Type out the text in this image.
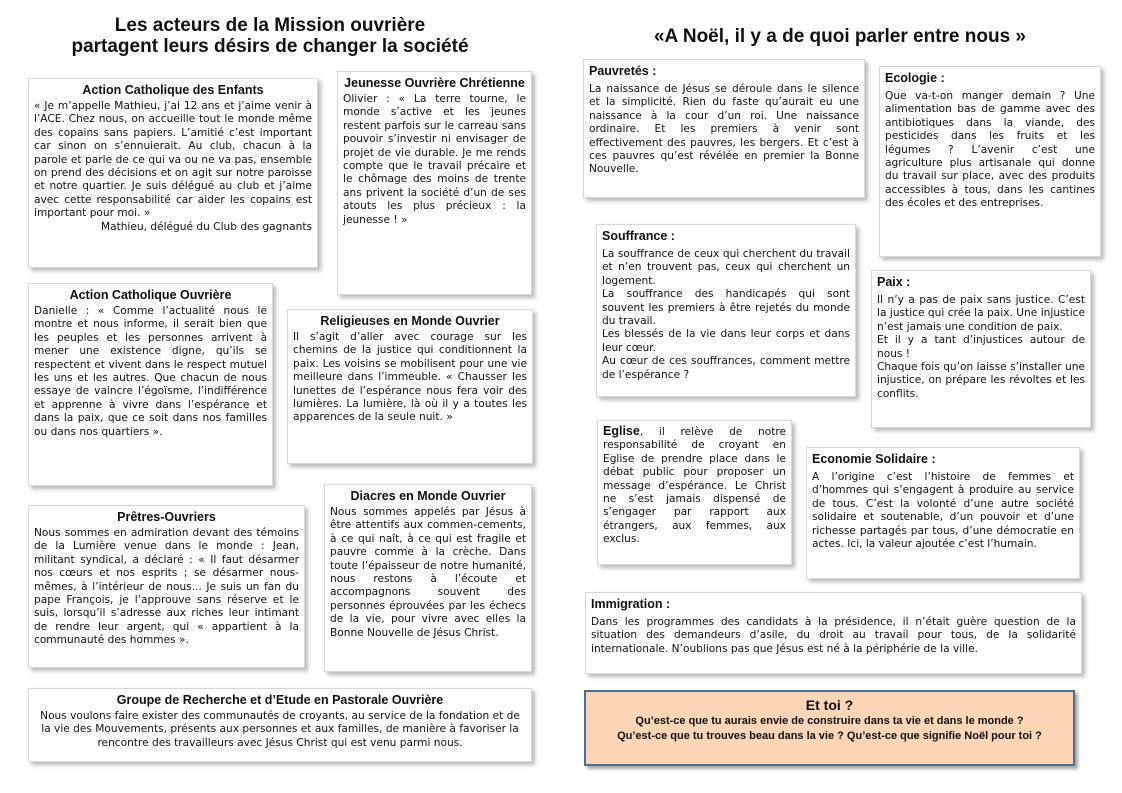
Les acteurs de la Mission ouvrière
partagent leurs désirs de changer la société	«A Noël, il y a de quoi parler entre nous »
Action Catholique des Enfants

« Je m’appelle Mathieu, j’ai 12 ans et j’aime venir à l’ACE. Chez nous, on accueille tout le monde même des copains sans papiers. L’amitié c’est important car sinon on s’ennuierait. Au club, chacun à la parole et parle de ce qui va ou ne va pas, ensemble on prend des décisions et on agit sur notre paroisse et notre quartier. Je suis délégué au club et j’aime avec cette responsabilité car aider les copains est important pour moi. »

Mathieu, délégué du Club des gagnants

Jeunesse Ouvrière Chrétienne

Olivier : « La terre tourne, le monde s’active et les jeunes restent parfois sur le carreau sans pouvoir s’investir ni envisager de projet de vie durable. Je me rends compte que le travail précaire et le chômage des moins de trente ans privent la société d’un de ses atouts les plus précieux : la jeunesse ! »

Action Catholique Ouvrière

Danielle : « Comme l’actualité nous le montre et nous informe, il serait bien que les peuples et les personnes arrivent à mener une existence digne, qu’ils se respectent et vivent dans le respect mutuel les uns et les autres. Que chacun de nous essaye de vaincre l’égoïsme, l’indifférence et apprenne à vivre dans l’espérance et dans la paix, que ce soit dans nos familles ou dans nos quartiers ».

Religieuses en Monde Ouvrier

Il s’agit d’aller avec courage sur les chemins de la justice qui conditionnent la paix. Les voisins se mobilisent pour une vie meilleure dans l’immeuble. « Chausser les lunettes de l’espérance nous fera voir des lumières. La lumière, là où il y a toutes les apparences de la seule nuit. »

Prêtres-Ouvriers

Nous sommes en admiration devant des témoins de la Lumière venue dans le monde : Jean, militant syndical, a déclaré : « Il faut désarmer nos cœurs et nos esprits ; se désarmer nous-mêmes, à l’intérieur de nous... Je suis un fan du pape François, je l’approuve sans réserve et le suis, lorsqu’il s’adresse aux riches leur intimant de rendre leur argent, qui « appartient à la communauté des hommes ».

Diacres en Monde Ouvrier

Nous sommes appelés par Jésus à être attentifs aux commen-cements, à ce qui naît, à ce qui est fragile et pauvre comme à la crèche. Dans toute l’épaisseur de notre humanité, nous restons à l’écoute et accompagnons souvent des personnes éprouvées par les échecs de la vie, pour vivre avec elles la Bonne Nouvelle de Jésus Christ.

Groupe de Recherche et d’Etude en Pastorale Ouvrière

Nous voulons faire exister des communautés de croyants, au service de la fondation et de la vie des Mouvements, présents aux personnes et aux familles, de manière à favoriser la rencontre des travailleurs avec Jésus Christ qui est venu parmi nous.

Pauvretés :

La naissance de Jésus se déroule dans le silence et la simplicité. Rien du faste qu’aurait eu une naissance à la cour d’un roi. Une naissance ordinaire. Et les premiers à venir sont effectivement des pauvres, les bergers. Et c’est à ces pauvres qu’est révélée en premier la Bonne Nouvelle.

Ecologie :

Que va-t-on manger demain ? Une alimentation bas de gamme avec des antibiotiques dans la viande, des pesticides dans les fruits et les légumes ? L’avenir c’est une agriculture plus artisanale qui donne du travail sur place, avec des produits accessibles à tous, dans les cantines des écoles et des entreprises.

Souffrance :

La souffrance de ceux qui cherchent du travail et n’en trouvent pas, ceux qui cherchent un logement.

La souffrance des handicapés qui sont souvent les premiers à être rejetés du monde du travail.

Les blessés de la vie dans leur corps et dans leur cœur.

Au cœur de ces souffrances, comment mettre de l’espérance ?

Paix :

Il n’y a pas de paix sans justice. C’est la justice qui crée la paix. Une injustice n’est jamais une condition de paix.

Et il y a tant d’injustices autour de nous !

Chaque fois qu’on laisse s’installer une injustice, on prépare les révoltes et les conflits.

Eglise, il relève de notre responsabilité de croyant en Eglise de prendre place dans le débat public pour proposer un message d’espérance. Le Christ ne s’est jamais dispensé de s’engager par rapport aux étrangers, aux femmes, aux exclus.

Economie Solidaire :

A l’origine c’est l’histoire de femmes et d’hommes qui s’engagent à produire au service de tous. C’est la volonté d’une autre société solidaire et soutenable, d’un pouvoir et d’une richesse partagés par tous, d’une démocratie en actes. Ici, la valeur ajoutée c’est l’humain.

Immigration :

Dans les programmes des candidats à la présidence, il n’était guère question de la situation des demandeurs d’asile, du droit au travail pour tous, de la solidarité internationale. N’oublions pas que Jésus est né à la périphérie de la ville.

Et toi ?
Qu’est-ce que tu aurais envie de construire dans ta vie et dans le monde ?
Qu’est-ce que tu trouves beau dans la vie ? Qu’est-ce que signifie Noël pour toi ?
